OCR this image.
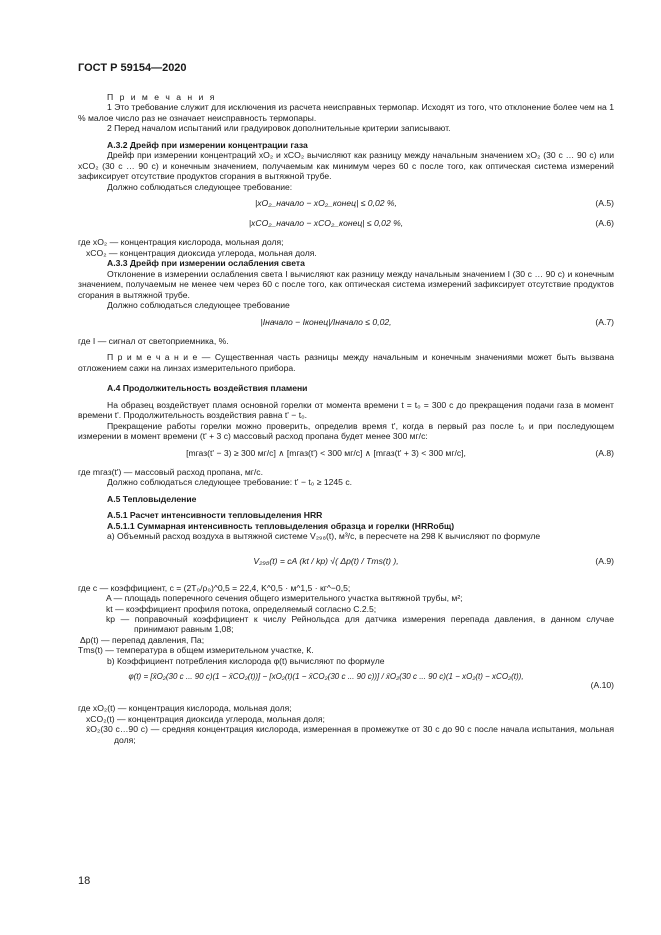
ГОСТ Р 59154—2020

П р и м е ч а н и я

1 Это требование служит для исключения из расчета неисправных термопар. Исходят из того, что отклонение более чем на 1 % малое число раз не означает неисправность термопары.

2 Перед началом испытаний или градуировок дополнительные критерии записывают.

А.3.2 Дрейф при измерении концентрации газа

Дрейф при измерении концентраций xO₂ и xCO₂ вычисляют как разницу между начальным значением xO₂ (30 с … 90 с) или xCO₂ (30 с … 90 с) и конечным значением, получаемым как минимум через 60 с после того, как оптическая система измерений зафиксирует отсутствие продуктов сгорания в вытяжной трубе.

Должно соблюдаться следующее требование:

|xO₂_начало − xO₂_конец| ≤ 0,02 %,	(А.5)
|xCO₂_начало − xCO₂_конец| ≤ 0,02 %,	(А.6)

где xO₂ — концентрация кислорода, мольная доля;

xCO₂ — концентрация диоксида углерода, мольная доля.

А.3.3 Дрейф при измерении ослабления света

Отклонение в измерении ослабления света I вычисляют как разницу между начальным значением I (30 с … 90 с) и конечным значением, получаемым не менее чем через 60 с после того, как оптическая система измерений зафиксирует отсутствие продуктов сгорания в вытяжной трубе.

Должно соблюдаться следующее требование

|Iначало − Iконец|/Iначало ≤ 0,02,	(А.7)

где I — сигнал от светоприемника, %.

П р и м е ч а н и е — Существенная часть разницы между начальным и конечным значениями может быть вызвана отложением сажи на линзах измерительного прибора.

А.4 Продолжительность воздействия пламени

На образец воздействует пламя основной горелки от момента времени t = t₀ = 300 с до прекращения подачи газа в момент времени t'. Продолжительность воздействия равна t' − t₀.

Прекращение работы горелки можно проверить, определив время t', когда в первый раз после t₀ и при последующем измерении в момент времени (t' + 3 с) массовый расход пропана будет менее 300 мг/с:

[mгаз(t' − 3) ≥ 300 мг/с] ∧ [mгаз(t') < 300 мг/с] ∧ [mгаз(t' + 3) < 300 мг/с],	(А.8)

где mгаз(t') — массовый расход пропана, мг/с.

Должно соблюдаться следующее требование: t' − t₀ ≥ 1245 с.

А.5 Тепловыделение

А.5.1 Расчет интенсивности тепловыделения HRR

А.5.1.1 Суммарная интенсивность тепловыделения образца и горелки (HRRобщ)

а) Объемный расход воздуха в вытяжной системе V₂₉₈(t), м³/с, в пересчете на 298 К вычисляют по формуле

V₂₉₈(t) = cA (kt / kp) √( Δp(t) / Tms(t) ),	(А.9)

где c — коэффициент, c = (2T₀/ρ₀)^0,5 = 22,4, K^0,5 · м^1,5 · кг^−0,5;

A — площадь поперечного сечения общего измерительного участка вытяжной трубы, м²;

kt — коэффициент профиля потока, определяемый согласно С.2.5;

kp — поправочный коэффициент к числу Рейнольдса для датчика измерения перепада давления, в данном случае принимают равным 1,08;

Δp(t) — перепад давления, Па;

Tms(t) — температура в общем измерительном участке, К.

b) Коэффициент потребления кислорода φ(t) вычисляют по формуле

φ(t) = [x̄O₂(30 с ... 90 с)(1 − x̄CO₂(t))] − [xO₂(t)(1 − x̄CO₂(30 с ... 90 с))] / x̄O₂(30 с ... 90 с)(1 − xO₂(t) − xCO₂(t)),
(А.10)

где xO₂(t) — концентрация кислорода, мольная доля;

xCO₂(t) — концентрация диоксида углерода, мольная доля;

x̄O₂(30 с…90 с) — средняя концентрация кислорода, измеренная в промежутке от 30 с до 90 с после начала испытания, мольная доля;

18
